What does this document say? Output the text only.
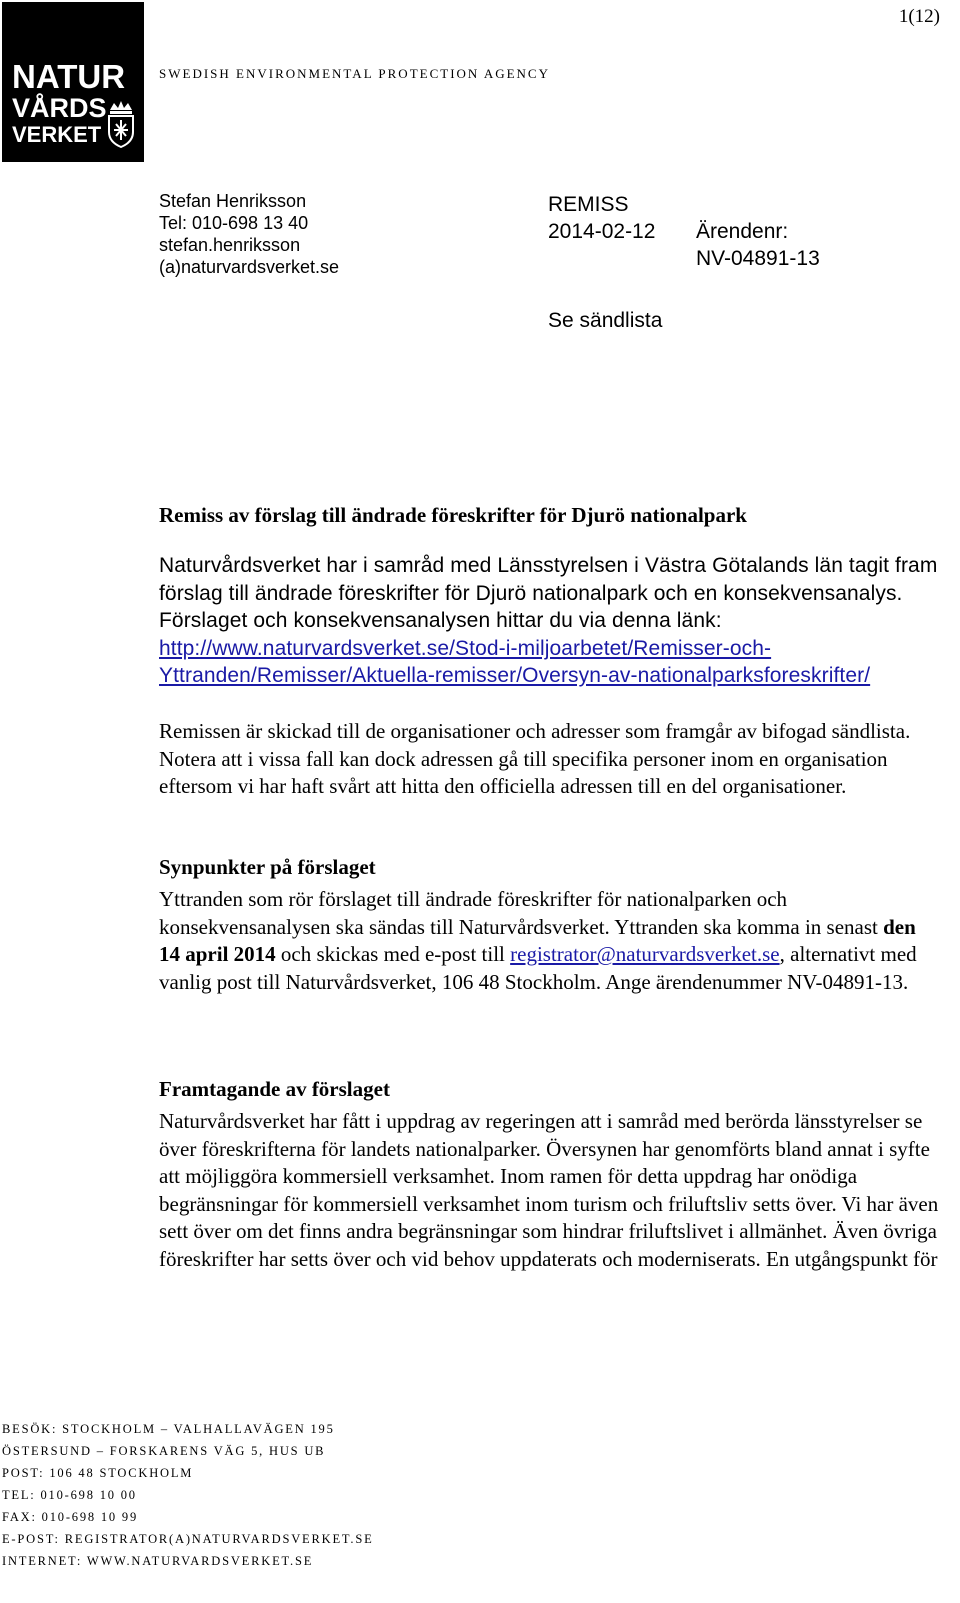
1(12)
NATUR
VÅRDS
VERKET
SWEDISH ENVIRONMENTAL PROTECTION AGENCY
Stefan Henriksson
Tel: 010-698 13 40
stefan.henriksson
(a)naturvardsverket.se
REMISS
2014-02-12 Ärendenr:
NV-04891-13
Se sändlista
Remiss av förslag till ändrade föreskrifter för Djurö nationalpark
Naturvårdsverket har i samråd med Länsstyrelsen i Västra Götalands län tagit fram förslag till ändrade föreskrifter för Djurö nationalpark och en konsekvensanalys. Förslaget och konsekvensanalysen hittar du via denna länk:
http://www.naturvardsverket.se/Stod-i-miljoarbetet/Remisser-och-
Yttranden/Remisser/Aktuella-remisser/Oversyn-av-nationalparksforeskrifter/
Remissen är skickad till de organisationer och adresser som framgår av bifogad sändlista. Notera att i vissa fall kan dock adressen gå till specifika personer inom en organisation eftersom vi har haft svårt att hitta den officiella adressen till en del organisationer.
Synpunkter på förslaget
Yttranden som rör förslaget till ändrade föreskrifter för nationalparken och konsekvensanalysen ska sändas till Naturvårdsverket. Yttranden ska komma in senast den 14 april 2014 och skickas med e-post till registrator@naturvardsverket.se, alternativt med vanlig post till Naturvårdsverket, 106 48 Stockholm. Ange ärendenummer NV-04891-13.
Framtagande av förslaget
Naturvårdsverket har fått i uppdrag av regeringen att i samråd med berörda länsstyrelser se över föreskrifterna för landets nationalparker. Översynen har genomförts bland annat i syfte att möjliggöra kommersiell verksamhet. Inom ramen för detta uppdrag har onödiga begränsningar för kommersiell verksamhet inom turism och friluftsliv setts över. Vi har även sett över om det finns andra begränsningar som hindrar friluftslivet i allmänhet. Även övriga föreskrifter har setts över och vid behov uppdaterats och moderniserats. En utgångspunkt för
BESÖK: STOCKHOLM – VALHALLAVÄGEN 195
ÖSTERSUND – FORSKARENS VÄG 5, HUS UB
POST: 106 48 STOCKHOLM
TEL: 010-698 10 00
FAX: 010-698 10 99
E-POST: REGISTRATOR(A)NATURVARDSVERKET.SE
INTERNET: WWW.NATURVARDSVERKET.SE
